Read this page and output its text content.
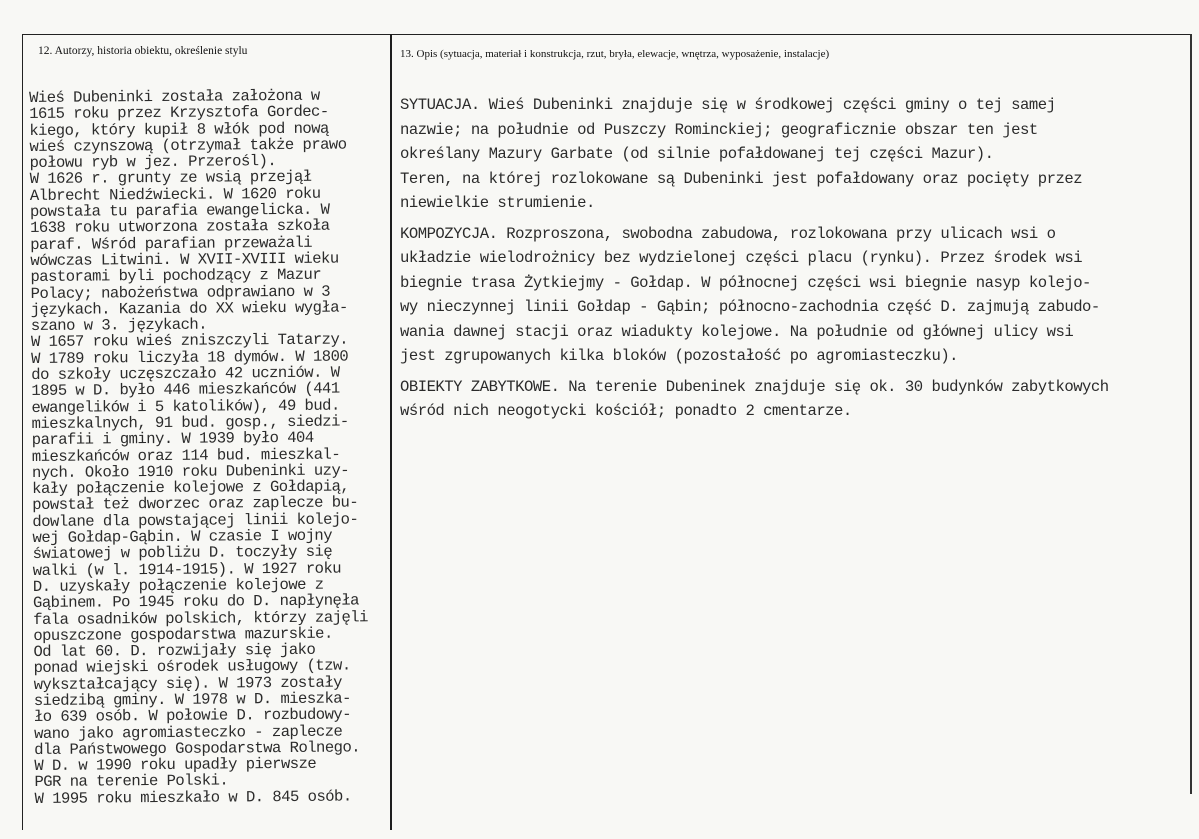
12. Autorzy, historia obiektu, określenie stylu	13. Opis (sytuacja, materiał i konstrukcja, rzut, bryła, elewacje, wnętrza, wyposażenie, instalacje)
Wieś Dubeninki została założona w
1615 roku przez Krzysztofa Gordec-
kiego, który kupił 8 włók pod nową
wieś czynszową (otrzymał także prawo
połowu ryb w jez. Przerośl).
W 1626 r. grunty ze wsią przejął
Albrecht Niedźwiecki. W 1620 roku
powstała tu parafia ewangelicka. W
1638 roku utworzona została szkoła
paraf. Wśród parafian przeważali
wówczas Litwini. W XVII-XVIII wieku
pastorami byli pochodzący z Mazur
Polacy; nabożeństwa odprawiano w 3
językach. Kazania do XX wieku wygła-
szano w 3. językach.
W 1657 roku wieś zniszczyli Tatarzy.
W 1789 roku liczyła 18 dymów. W 1800
do szkoły uczęszczało 42 uczniów. W
1895 w D. było 446 mieszkańców (441
ewangelików i 5 katolików), 49 bud.
mieszkalnych, 91 bud. gosp., siedzi-
parafii i gminy. W 1939 było 404
mieszkańców oraz 114 bud. mieszkal-
nych. Około 1910 roku Dubeninki uzy-
kały połączenie kolejowe z Gołdapią,
powstał też dworzec oraz zaplecze bu-
dowlane dla powstającej linii kolejo-
wej Gołdap-Gąbin. W czasie I wojny
światowej w pobliżu D. toczyły się
walki (w l. 1914-1915). W 1927 roku
D. uzyskały połączenie kolejowe z
Gąbinem. Po 1945 roku do D. napłynęła
fala osadników polskich, którzy zajęli
opuszczone gospodarstwa mazurskie.
Od lat 60. D. rozwijały się jako
ponad wiejski ośrodek usługowy (tzw.
wykształcający się). W 1973 zostały
siedzibą gminy. W 1978 w D. mieszka-
ło 639 osób. W połowie D. rozbudowy-
wano jako agromiasteczko - zaplecze
dla Państwowego Gospodarstwa Rolnego.
W D. w 1990 roku upadły pierwsze
PGR na terenie Polski.
W 1995 roku mieszkało w D. 845 osób.
SYTUACJA. Wieś Dubeninki znajduje się w środkowej części gminy o tej samej
nazwie; na południe od Puszczy Rominckiej; geograficznie obszar ten jest
określany Mazury Garbate (od silnie pofałdowanej tej części Mazur).
Teren, na której rozlokowane są Dubeninki jest pofałdowany oraz pocięty przez
niewielkie strumienie.
KOMPOZYCJA. Rozproszona, swobodna zabudowa, rozlokowana przy ulicach wsi o
układzie wielodrożnicy bez wydzielonej części placu (rynku). Przez środek wsi
biegnie trasa Żytkiejmy - Gołdap. W północnej części wsi biegnie nasyp kolejo-
wy nieczynnej linii Gołdap - Gąbin; północno-zachodnia część D. zajmują zabudo-
wania dawnej stacji oraz wiadukty kolejowe. Na południe od głównej ulicy wsi
jest zgrupowanych kilka bloków (pozostałość po agromiasteczku).
OBIEKTY ZABYTKOWE. Na terenie Dubeninek znajduje się ok. 30 budynków zabytkowych
wśród nich neogotycki kościół; ponadto 2 cmentarze.
